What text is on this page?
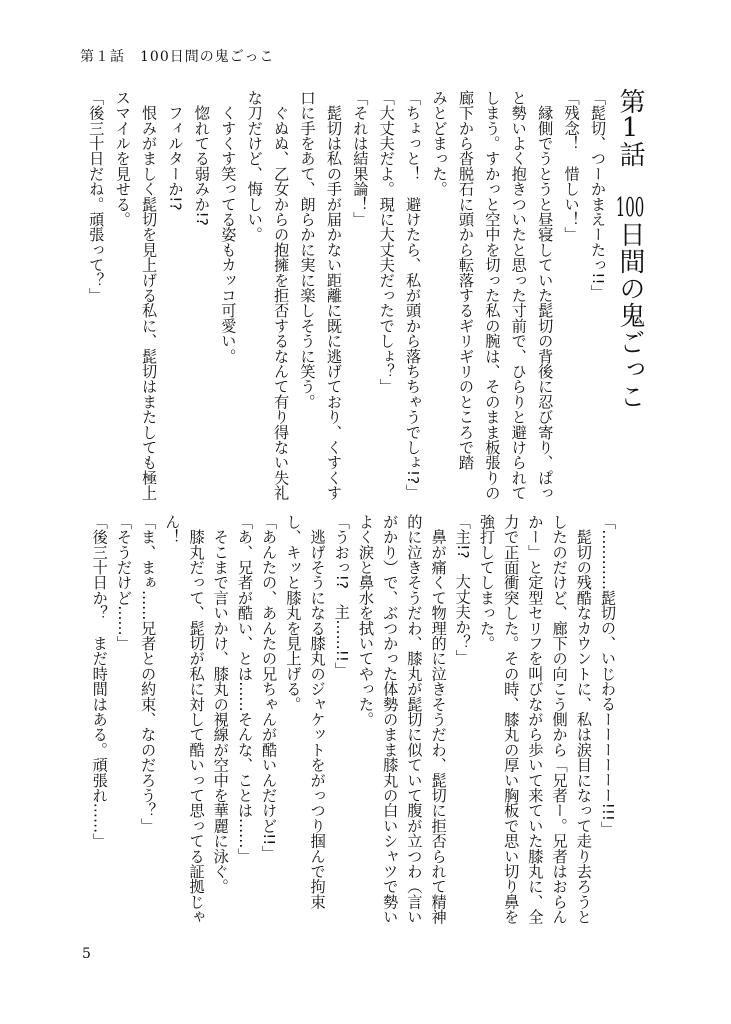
第１話　100日間の鬼ごっこ
第1話　100日間の鬼ごっこ
「髭切、つーかまえーたっ!!」
「残念！　惜しい！」
　縁側でうとうと昼寝していた髭切の背後に忍び寄り、ぱっ
と勢いよく抱きついたと思った寸前で、ひらりと避けられて
しまう。すかっと空中を切った私の腕は、そのまま板張りの
廊下から沓脱石に頭から転落するギリギリのところで踏
みとどまった。
「ちょっと！　避けたら、私が頭から落ちちゃうでしょ!?」
「大丈夫だよ。現に大丈夫だったでしょ？」
「それは結果論！」
　髭切は私の手が届かない距離に既に逃げており、くすくす
口に手をあて、朗らかに実に楽しそうに笑う。
　ぐぬぬ、乙女からの抱擁を拒否するなんて有り得ない失礼
な刀だけど、悔しい。
　くすくす笑ってる姿もカッコ可愛い。
　惚れてる弱みか!?
　フィルターか!?
　恨みがましく髭切を見上げる私に、髭切はまたしても極上
スマイルを見せる。
「後三十日だね。頑張って？」
「…………髭切の、いじわるーーーーーー!!!」
　髭切の残酷なカウントに、私は涙目になって走り去ろうと
したのだけど、廊下の向こう側から「兄者ー。兄者はおらん
かー」と定型セリフを叫びながら歩いて来ていた膝丸に、全
力で正面衝突した。その時、膝丸の厚い胸板で思い切り鼻を
強打してしまった。
「主!?　大丈夫か？」
　鼻が痛くて物理的に泣きそうだわ、髭切に拒否られて精神
的に泣きそうだわ、膝丸が髭切に似ていて腹が立つわ（言い
がかり）で、ぶつかった体勢のまま膝丸の白いシャツで勢い
よく涙と鼻水を拭いてやった。
「うおっ!?　主……!!」
　逃げそうになる膝丸のジャケットをがっつり掴んで拘束
し、キッと膝丸を見上げる。
「あんたの、あんたの兄ちゃんが酷いんだけど!!」
「あ、兄者が酷い、とは……そんな、ことは……」
　そこまで言いかけ、膝丸の視線が空中を華麗に泳ぐ。
　膝丸だって、髭切が私に対して酷いって思ってる証拠じゃ
ん！
「ま、まぁ……兄者との約束、なのだろう？」
「そうだけど……」
「後三十日か？　まだ時間はある。頑張れ……」
5
